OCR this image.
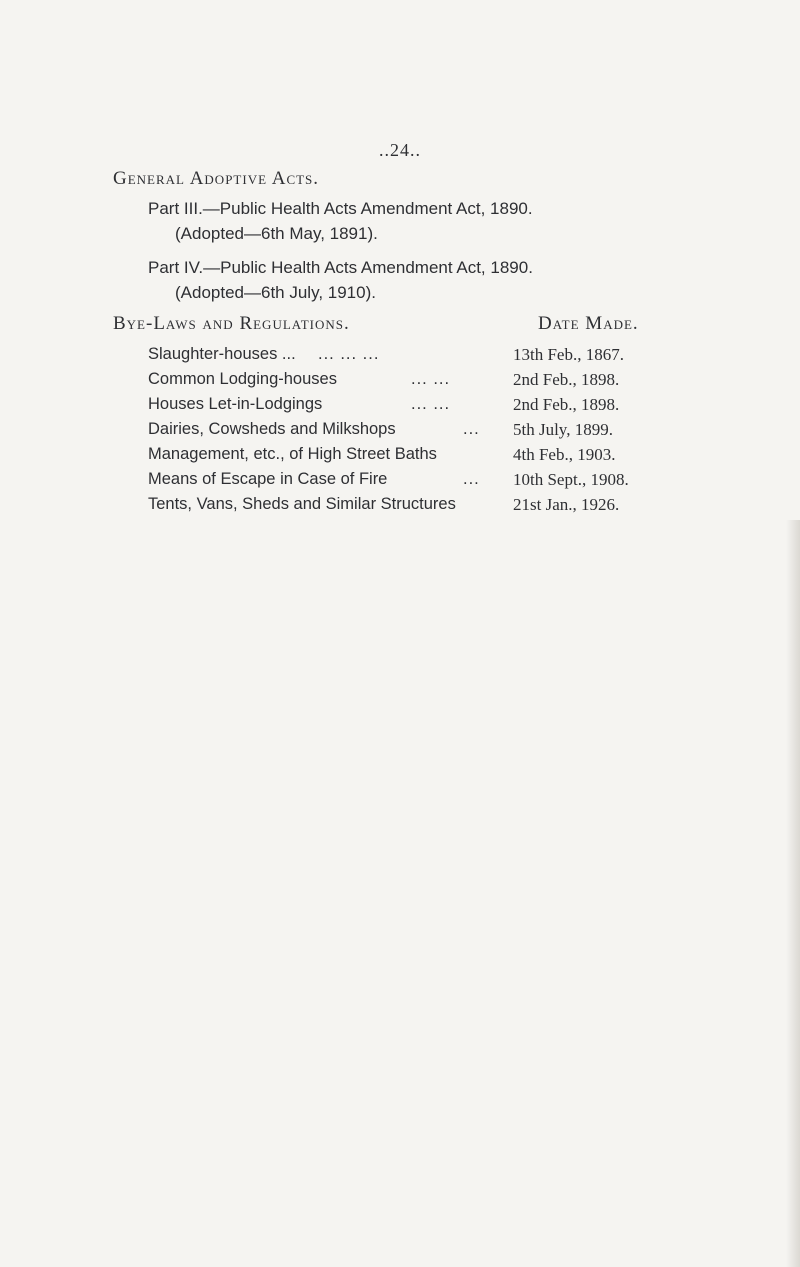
..24..
General Adoptive Acts.
Part III.—Public Health Acts Amendment Act, 1890.
(Adopted—6th May, 1891).
Part IV.—Public Health Acts Amendment Act, 1890.
(Adopted—6th July, 1910).
Bye-Laws and Regulations.	Date Made.
Slaughter-houses ... ... ... ...	13th Feb., 1867.
Common Lodging-houses	... ...	2nd Feb., 1898.
Houses Let-in-Lodgings	... ...	2nd Feb., 1898.
Dairies, Cowsheds and Milkshops	... 5th July, 1899.
Management, etc., of High Street Baths	4th Feb., 1903.
Means of Escape in Case of Fire	... 10th Sept., 1908.
Tents, Vans, Sheds and Similar Structures	21st Jan., 1926.
